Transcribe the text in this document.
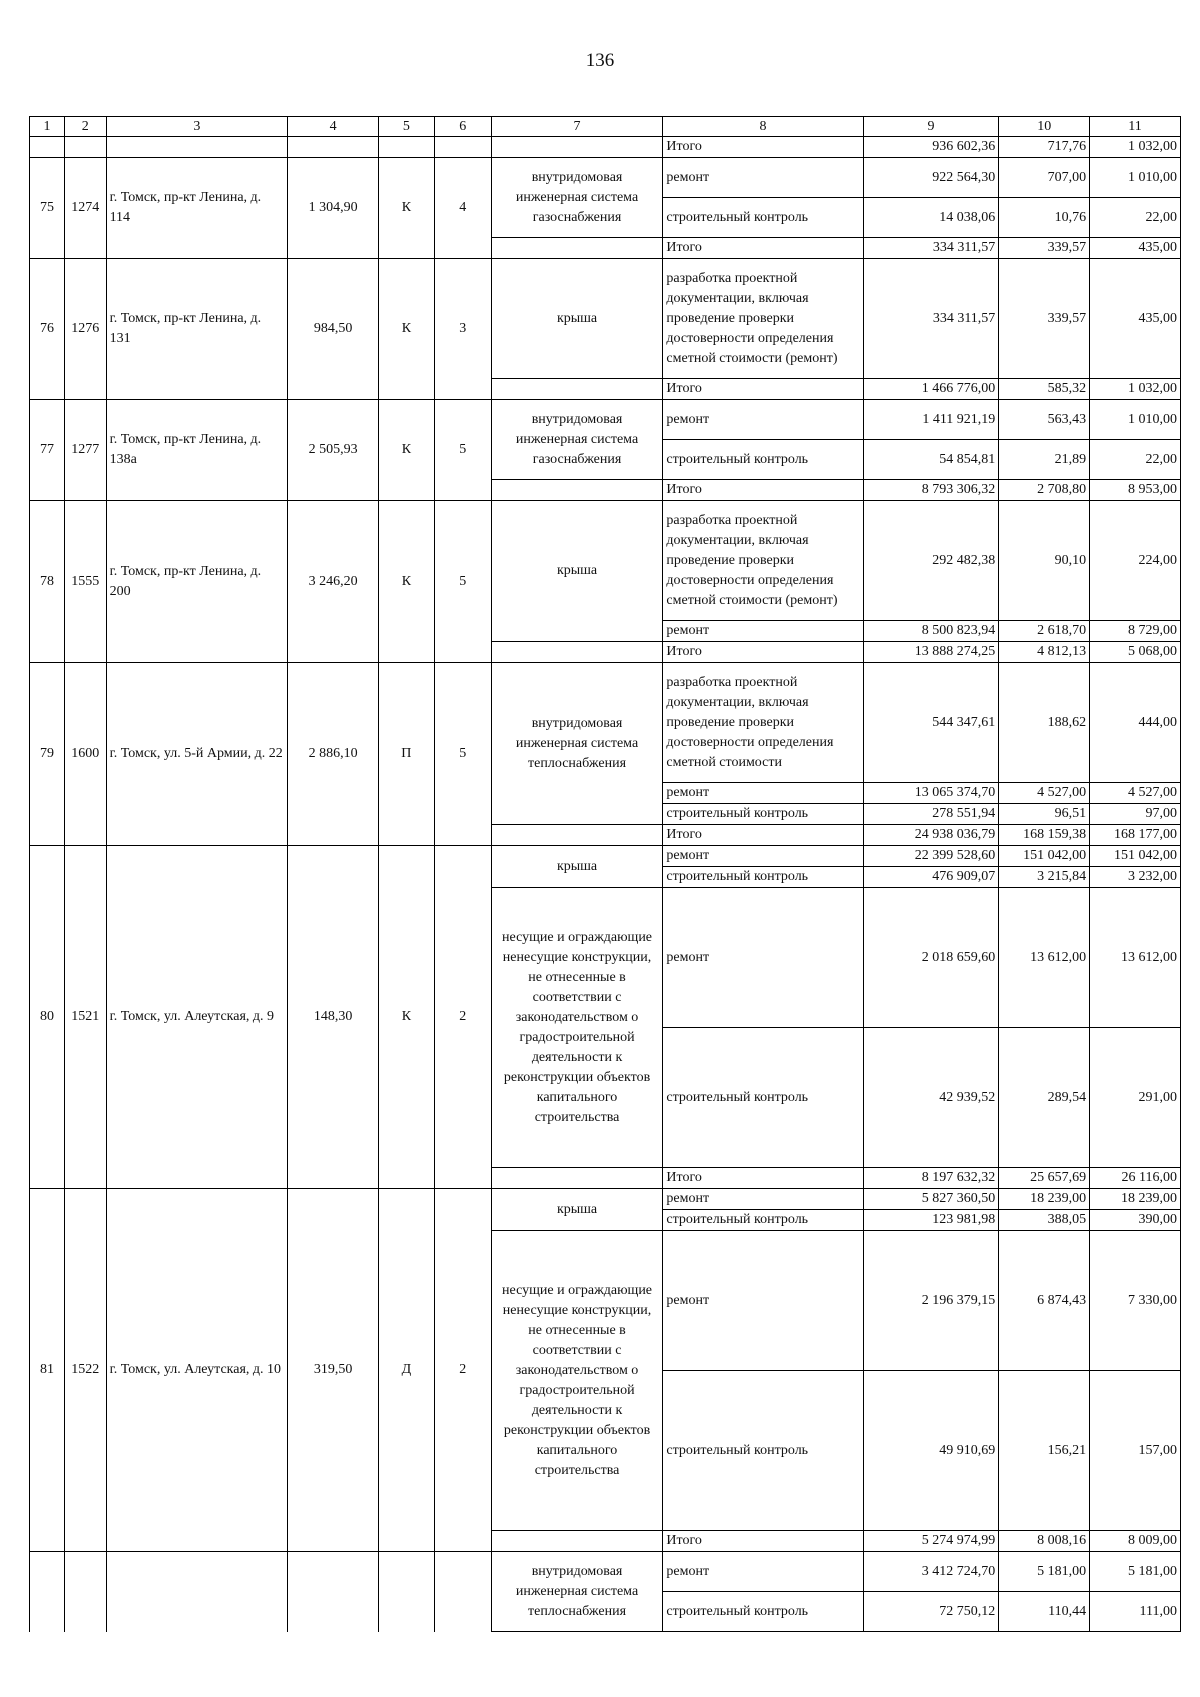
136
1	2	3	4	5	6	7	8	9	10	11
							Итого	936 602,36	717,76	1 032,00
75	1274	г. Томск, пр-кт Ленина, д. 114	1 304,90	К	4	внутридомовая инженерная система газоснабжения	ремонт	922 564,30	707,00	1 010,00
							строительный контроль	14 038,06	10,76	22,00
							Итого	334 311,57	339,57	435,00
76	1276	г. Томск, пр-кт Ленина, д. 131	984,50	К	3	крыша	разработка проектной документации, включая проведение проверки достоверности определения сметной стоимости (ремонт)	334 311,57	339,57	435,00
							Итого	1 466 776,00	585,32	1 032,00
77	1277	г. Томск, пр-кт Ленина, д. 138а	2 505,93	К	5	внутридомовая инженерная система газоснабжения	ремонт	1 411 921,19	563,43	1 010,00
							строительный контроль	54 854,81	21,89	22,00
							Итого	8 793 306,32	2 708,80	8 953,00
78	1555	г. Томск, пр-кт Ленина, д. 200	3 246,20	К	5	крыша	разработка проектной документации, включая проведение проверки достоверности определения сметной стоимости (ремонт)	292 482,38	90,10	224,00
							ремонт	8 500 823,94	2 618,70	8 729,00
							Итого	13 888 274,25	4 812,13	5 068,00
79	1600	г. Томск, ул. 5-й Армии, д. 22	2 886,10	П	5	внутридомовая инженерная система теплоснабжения	разработка проектной документации, включая проведение проверки достоверности определения сметной стоимости	544 347,61	188,62	444,00
							ремонт	13 065 374,70	4 527,00	4 527,00
							строительный контроль	278 551,94	96,51	97,00
							Итого	24 938 036,79	168 159,38	168 177,00
80	1521	г. Томск, ул. Алеутская, д. 9	148,30	К	2	крыша	ремонт	22 399 528,60	151 042,00	151 042,00
							строительный контроль	476 909,07	3 215,84	3 232,00
						несущие и ограждающие ненесущие конструкции, не отнесенные в соответствии с законодательством о градостроительной деятельности к реконструкции объектов капитального строительства	ремонт	2 018 659,60	13 612,00	13 612,00
							строительный контроль	42 939,52	289,54	291,00
							Итого	8 197 632,32	25 657,69	26 116,00
81	1522	г. Томск, ул. Алеутская, д. 10	319,50	Д	2	крыша	ремонт	5 827 360,50	18 239,00	18 239,00
							строительный контроль	123 981,98	388,05	390,00
						несущие и ограждающие ненесущие конструкции, не отнесенные в соответствии с законодательством о градостроительной деятельности к реконструкции объектов капитального строительства	ремонт	2 196 379,15	6 874,43	7 330,00
							строительный контроль	49 910,69	156,21	157,00
							Итого	5 274 974,99	8 008,16	8 009,00
						внутридомовая инженерная система теплоснабжения	ремонт	3 412 724,70	5 181,00	5 181,00
							строительный контроль	72 750,12	110,44	111,00
